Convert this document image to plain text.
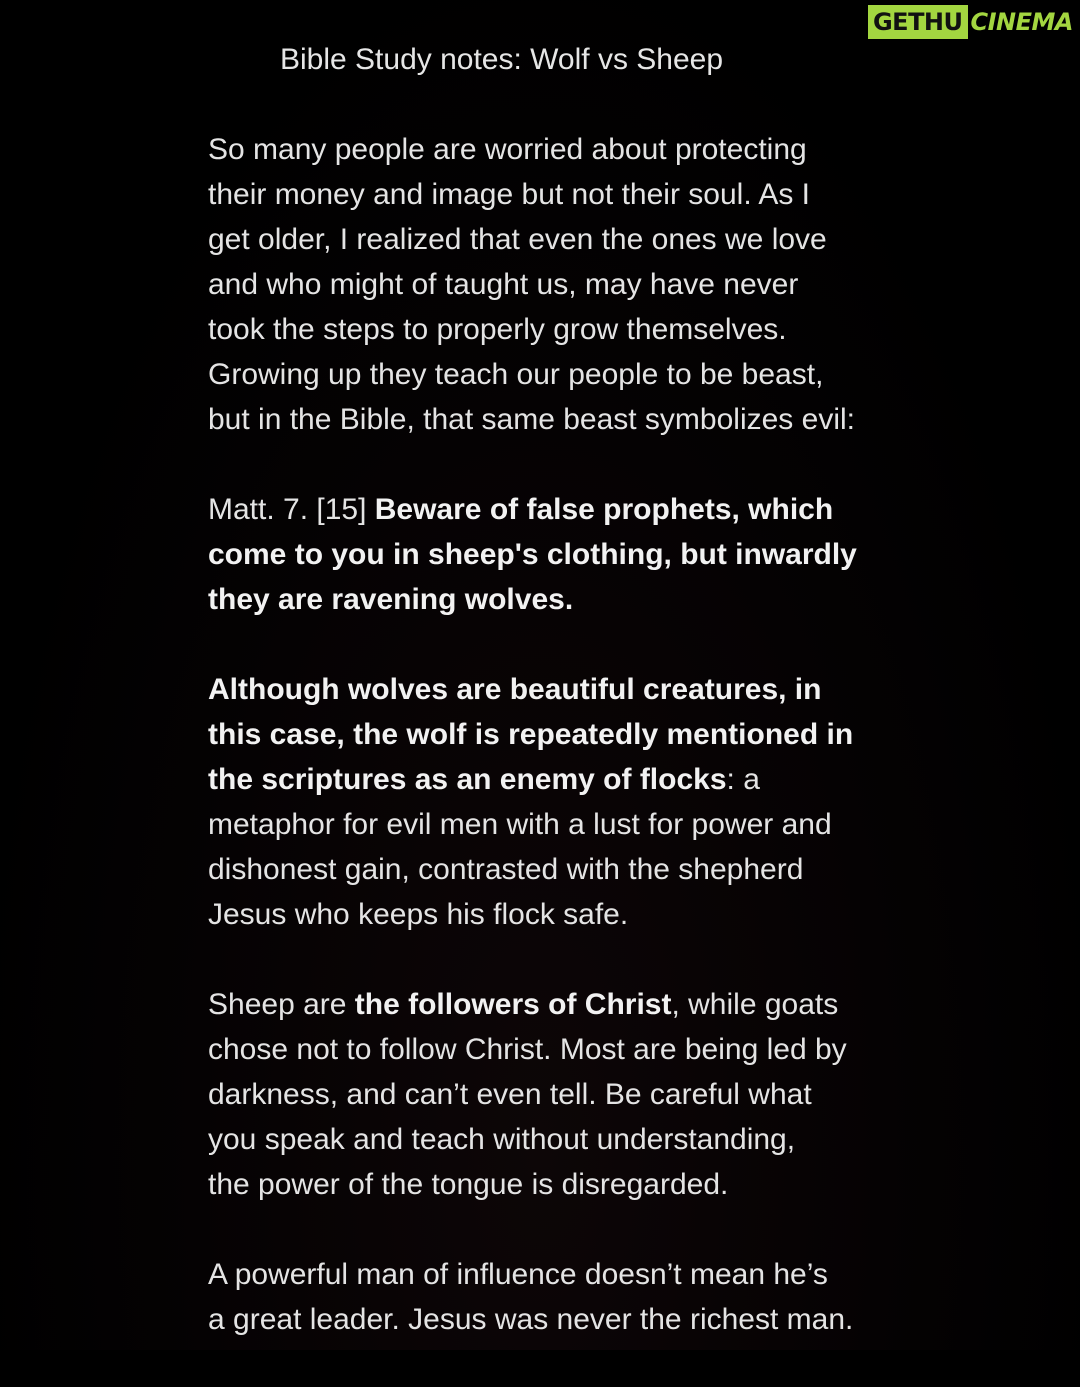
GETHU CINEMA
Bible Study notes: Wolf vs Sheep
So many people are worried about protecting
their money and image but not their soul. As I
get older, I realized that even the ones we love
and who might of taught us, may have never
took the steps to properly grow themselves.
Growing up they teach our people to be beast,
but in the Bible, that same beast symbolizes evil:
Matt. 7. [15] Beware of false prophets, which
come to you in sheep's clothing, but inwardly
they are ravening wolves.
Although wolves are beautiful creatures, in
this case, the wolf is repeatedly mentioned in
the scriptures as an enemy of flocks: a
metaphor for evil men with a lust for power and
dishonest gain, contrasted with the shepherd
Jesus who keeps his flock safe.
Sheep are the followers of Christ, while goats
chose not to follow Christ. Most are being led by
darkness, and can’t even tell. Be careful what
you speak and teach without understanding,
the power of the tongue is disregarded.
A powerful man of influence doesn’t mean he’s
a great leader. Jesus was never the richest man.
